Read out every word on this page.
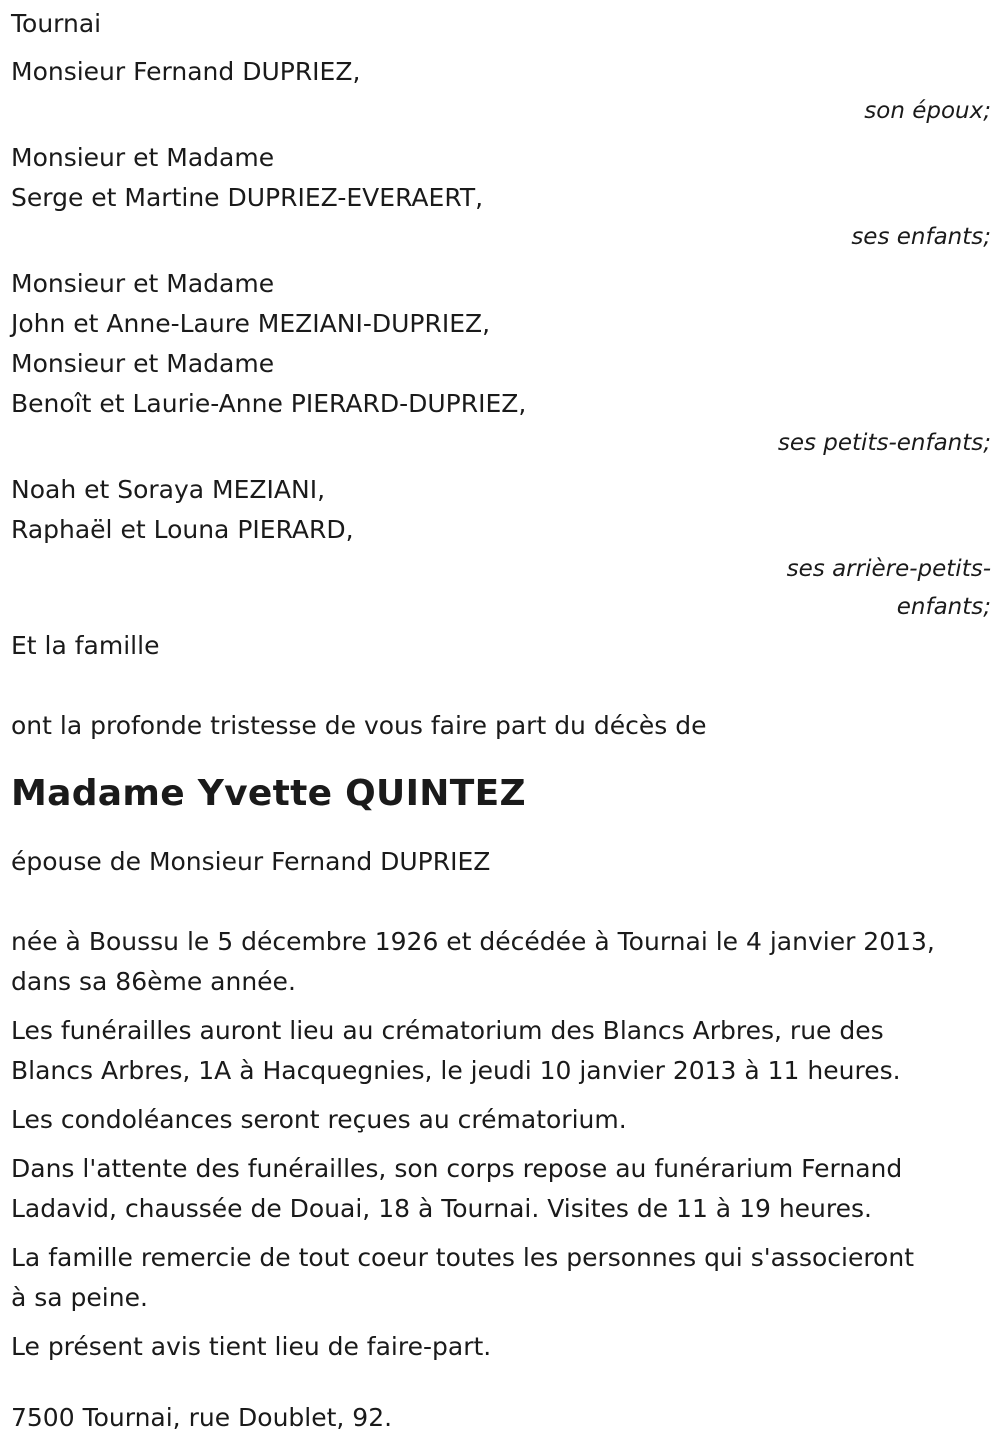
Tournai
Monsieur Fernand DUPRIEZ,
son époux;
Monsieur et Madame
Serge et Martine DUPRIEZ-EVERAERT,
ses enfants;
Monsieur et Madame
John et Anne-Laure MEZIANI-DUPRIEZ,
Monsieur et Madame
Benoît et Laurie-Anne PIERARD-DUPRIEZ,
ses petits-enfants;
Noah et Soraya MEZIANI,
Raphaël et Louna PIERARD,
ses arrière-petits-
enfants;
Et la famille
ont la profonde tristesse de vous faire part du décès de
Madame Yvette QUINTEZ
épouse de Monsieur Fernand DUPRIEZ
née à Boussu le 5 décembre 1926 et décédée à Tournai le 4 janvier 2013,
dans sa 86ème année.
Les funérailles auront lieu au crématorium des Blancs Arbres, rue des
Blancs Arbres, 1A à Hacquegnies, le jeudi 10 janvier 2013 à 11 heures.
Les condoléances seront reçues au crématorium.
Dans l'attente des funérailles, son corps repose au funérarium Fernand
Ladavid, chaussée de Douai, 18 à Tournai. Visites de 11 à 19 heures.
La famille remercie de tout coeur toutes les personnes qui s'associeront
à sa peine.
Le présent avis tient lieu de faire-part.
7500 Tournai, rue Doublet, 92.
